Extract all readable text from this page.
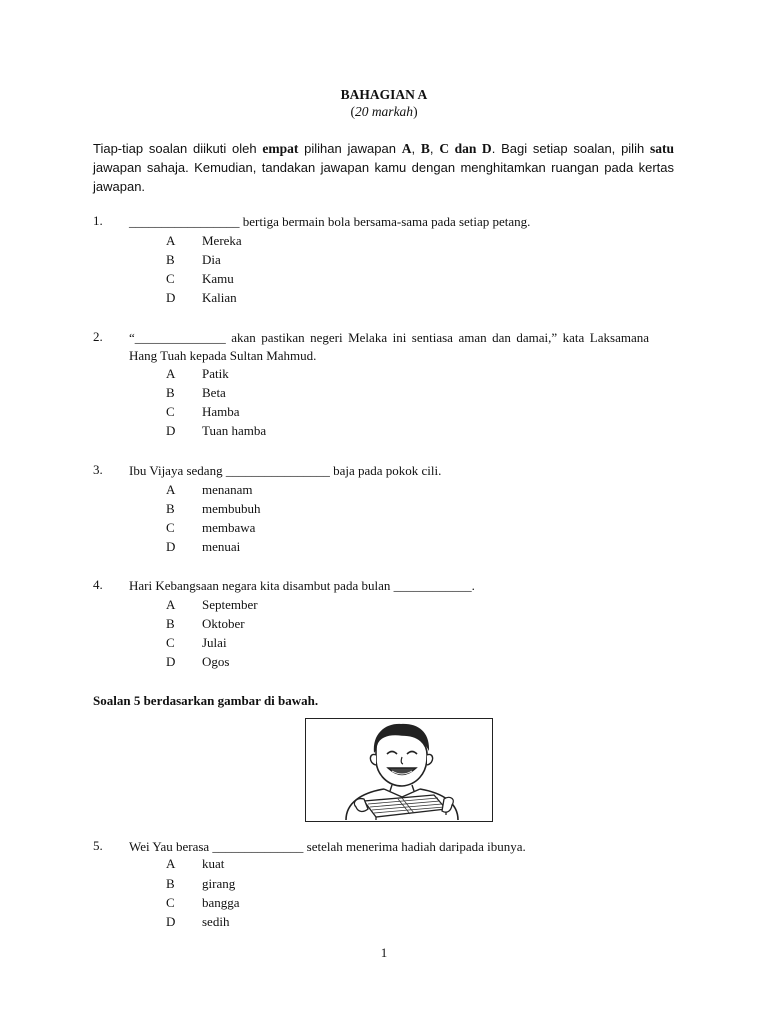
BAHAGIAN A
(20 markah)
Tiap-tiap soalan diikuti oleh empat pilihan jawapan A, B, C dan D. Bagi setiap soalan, pilih satu jawapan sahaja. Kemudian, tandakan jawapan kamu dengan menghitamkan ruangan pada kertas jawapan.
1. _________________ bertiga bermain bola bersama-sama pada setiap petang.
A Mereka
B Dia
C Kamu
D Kalian
2. “______________ akan pastikan negeri Melaka ini sentiasa aman dan damai,” kata Laksamana Hang Tuah kepada Sultan Mahmud.
A Patik
B Beta
C Hamba
D Tuan hamba
3. Ibu Vijaya sedang ________________ baja pada pokok cili.
A menanam
B membubuh
C membawa
D menuai
4. Hari Kebangsaan negara kita disambut pada bulan ____________.
A September
B Oktober
C Julai
D Ogos
Soalan 5 berdasarkan gambar di bawah.
5. Wei Yau berasa ______________ setelah menerima hadiah daripada ibunya.
A kuat
B girang
C bangga
D sedih
1
